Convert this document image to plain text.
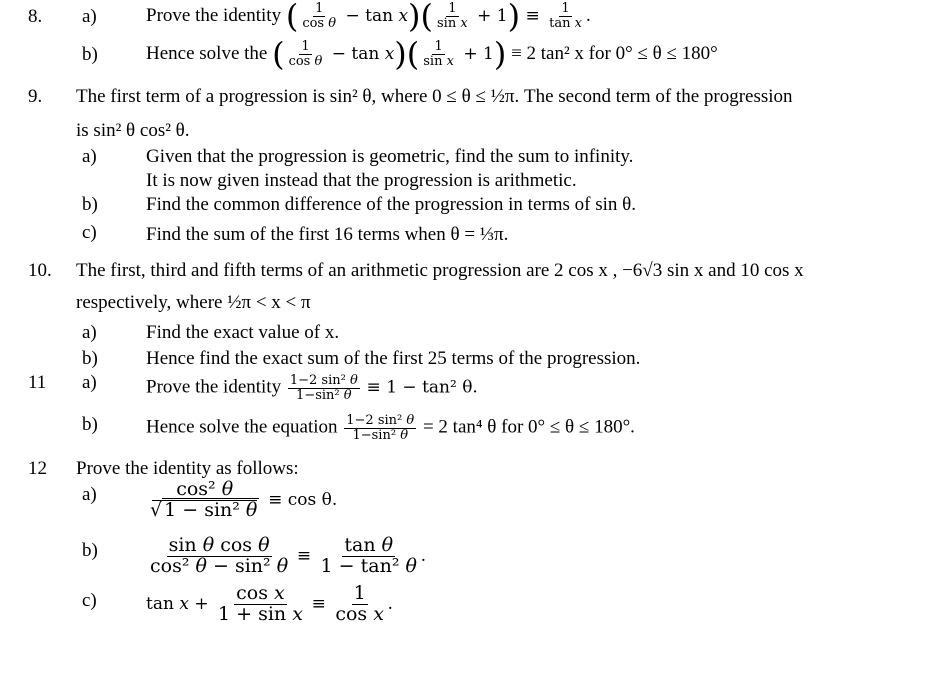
8. a)	Prove the identity ( $\frac{1}{\text{cos θ}} - \tan x)( \frac{1}{\text{sin x}} + 1) \equiv \frac{1}{\text{tan x}}$ .
b)	Hence solve the ( $\frac{1}{\text{cos θ}} - \tan x)( \frac{1}{\text{sin x}} + 1) \equiv 2$ tan² x for 0° ≤ θ ≤ 180°
9. The first term of a progression is sin² θ, where 0 ≤ θ ≤ ½π. The second term of the progression
is sin² θ cos² θ.
a)	Given that the progression is geometric, find the sum to infinity.
It is now given instead that the progression is arithmetic.
b)	Find the common difference of the progression in terms of sin θ.
c)	Find the sum of the first 16 terms when θ = ⅓π.
10. The first, third and fifth terms of an arithmetic progression are 2 cos x , −6√3 sin x and 10 cos x
respectively, where ½π < x < π
a)	Find the exact value of x.
b)	Hence find the exact sum of the first 25 terms of the progression.
11 a)	Prove the identity $\frac{\text{1−2 sin² θ}}{\text{1−sin² θ}} \equiv 1 - \tan^2$ θ.
b)	Hence solve the equation $\frac{\text{1−2 sin² θ}}{\text{1−sin² θ}} = 2$ tan⁴ θ for 0° ≤ θ ≤ 180°.
12 Prove the identity as follows:
a)	$\frac{\text{cos² θ}}{\text{√ 1 − sin² θ}} \equiv \cos \theta$.
b)	$\frac{\text{sin θ cos θ}}{\text{cos² θ − sin² θ}} \equiv \frac{\text{tan θ}}{\text{1 − tan² θ}}$ .
c)	$\tan x + \frac{\text{cos x}}{\text{1 + sin x}} \equiv \frac{1}{\text{cos x}}$ .
